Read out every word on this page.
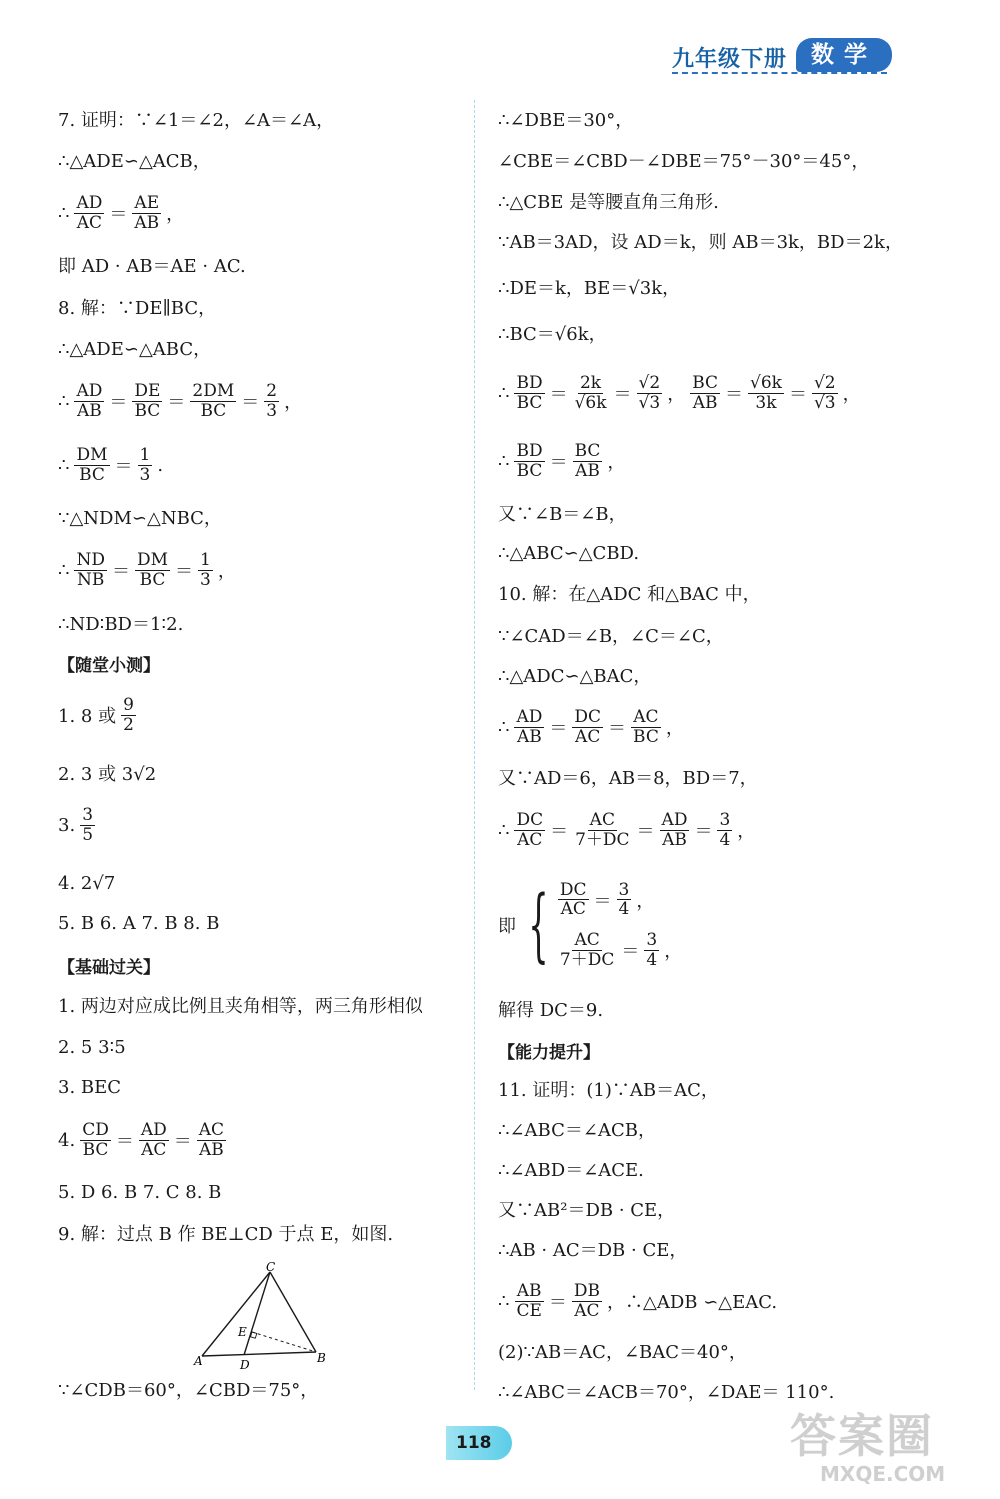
九年级下册	数学
7. 证明：∵∠1＝∠2，∠A＝∠A，
∴△ADE∽△ACB，
∴ $\frac{AD}{AC} = \frac{AE}{AB}$ ，
即 AD · AB＝AE · AC.
8. 解：∵DE∥BC，
∴△ADE∽△ABC，
∴ $\frac{AD}{AB} = \frac{DE}{BC} = \frac{2DM}{BC} = \frac{2}{3}$ ，
∴ $\frac{DM}{BC} = \frac{1}{3}$ .
∵△NDM∽△NBC，
∴ $\frac{ND}{NB} = \frac{DM}{BC} = \frac{1}{3}$ ，
∴ND∶BD＝1∶2.
【随堂小测】
1. 8 或 $\frac{9}{2}$
2. 3 或 3√2
3. $\frac{3}{5}$
4. 2√7
5. B 6. A 7. B 8. B
【基础过关】
1. 两边对应成比例且夹角相等，两三角形相似
2. 5 3∶5
3. BEC
4. $\frac{CD}{BC} = \frac{AD}{AC} = \frac{AC}{AB}$
5. D 6. B 7. C 8. B
9. 解：过点 B 作 BE⊥CD 于点 E，如图.
∵∠CDB＝60°，∠CBD＝75°，
C
E
A	D	B
∴∠DBE＝30°，
∠CBE＝∠CBD－∠DBE＝75°－30°＝45°，
∴△CBE 是等腰直角三角形.
∵AB＝3AD，设 AD＝k，则 AB＝3k，BD＝2k，
∴DE＝k，BE＝√3k，
∴BC＝√6k，
∴ $\frac{BD}{BC} = \frac{2k}{√6k} = \frac{√2}{√3}$ ， $\frac{BC}{AB} = \frac{√6k}{3k} = \frac{√2}{√3}$ ，
∴ $\frac{BD}{BC} = \frac{BC}{AB}$ ，
又∵∠B＝∠B，
∴△ABC∽△CBD.
10. 解：在△ADC 和△BAC 中，
∵∠CAD＝∠B，∠C＝∠C，
∴△ADC∽△BAC，
∴ $\frac{AD}{AB} = \frac{DC}{AC} = \frac{AC}{BC}$ ，
又∵AD＝6，AB＝8，BD＝7，
∴ $\frac{DC}{AC} = \frac{AC}{7+DC} = \frac{AD}{AB} = \frac{3}{4}$ ，
即 { $\frac{DC}{AC} = \frac{3}{4}$ ，
$\frac{AC}{7+DC} = \frac{3}{4}$ ，
解得 DC＝9.
【能力提升】
11. 证明：(1)∵AB＝AC，
∴∠ABC＝∠ACB，
∴∠ABD＝∠ACE.
又∵AB²＝DB · CE，
∴AB · AC＝DB · CE，
∴ $\frac{AB}{CE} = \frac{DB}{AC}$ ，∴△ADB ∽△EAC.
(2)∵AB＝AC，∠BAC＝40°，
∴∠ABC＝∠ACB＝70°，∠DAE＝ 110°.
118	答案圈
MXQE.COM
